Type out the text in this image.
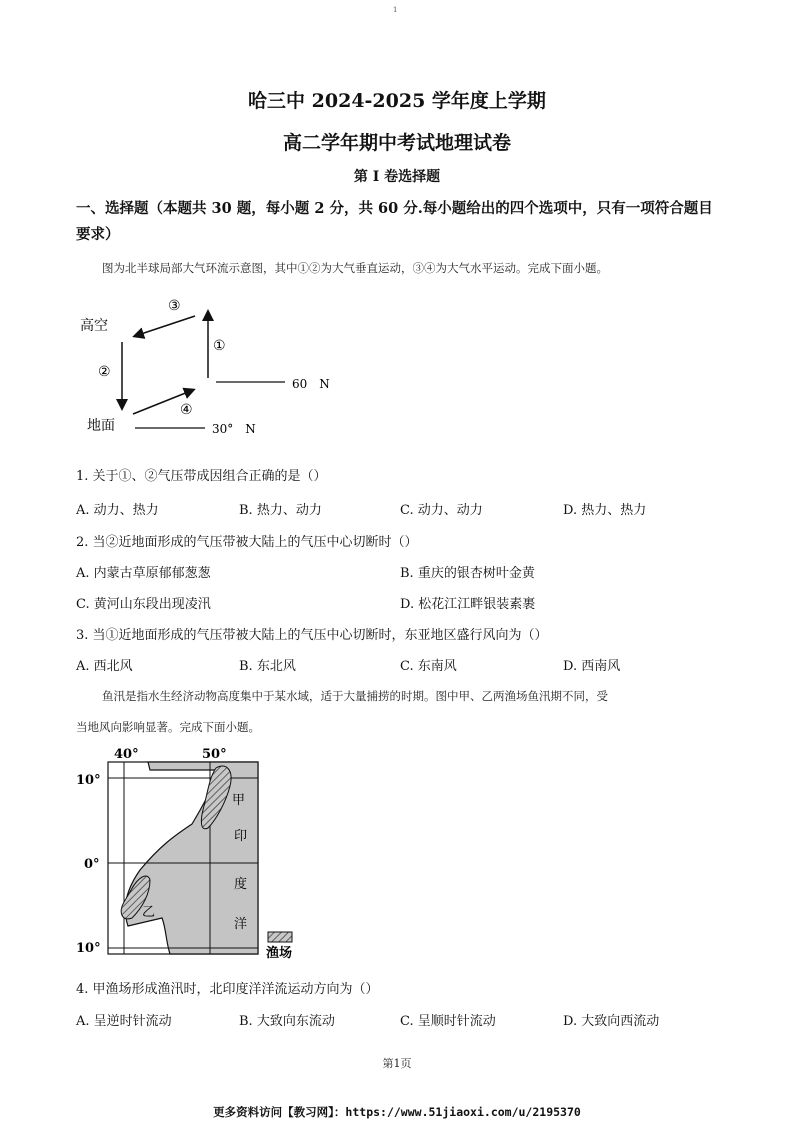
1
哈三中 2024-2025 学年度上学期
高二学年期中考试地理试卷
第 I 卷选择题
一、选择题（本题共 30 题，每小题 2 分，共 60 分.每小题给出的四个选项中，只有一项符合题目要求）
图为北半球局部大气环流示意图，其中①②为大气垂直运动，③④为大气水平运动。完成下面小题。
高空
地面
③
①
②
④
60　N
30°　N
1. 关于①、②气压带成因组合正确的是（）
A. 动力、热力	B. 热力、动力	C. 动力、动力	D. 热力、热力
2. 当②近地面形成的气压带被大陆上的气压中心切断时（）
A. 内蒙古草原郁郁葱葱	B. 重庆的银杏树叶金黄
C. 黄河山东段出现凌汛	D. 松花江江畔银装素裹
3. 当①近地面形成的气压带被大陆上的气压中心切断时，东亚地区盛行风向为（）
A. 西北风	B. 东北风	C. 东南风	D. 西南风
鱼汛是指水生经济动物高度集中于某水域，适于大量捕捞的时期。图中甲、乙两渔场鱼汛期不同，受
当地风向影响显著。完成下面小题。
40°	50°
10°
0°
10°
甲
乙
印
度
洋
渔场
4. 甲渔场形成渔汛时，北印度洋洋流运动方向为（）
A. 呈逆时针流动	B. 大致向东流动	C. 呈顺时针流动	D. 大致向西流动
第1页
更多资料访问【教习网】：https://www.51jiaoxi.com/u/2195370
